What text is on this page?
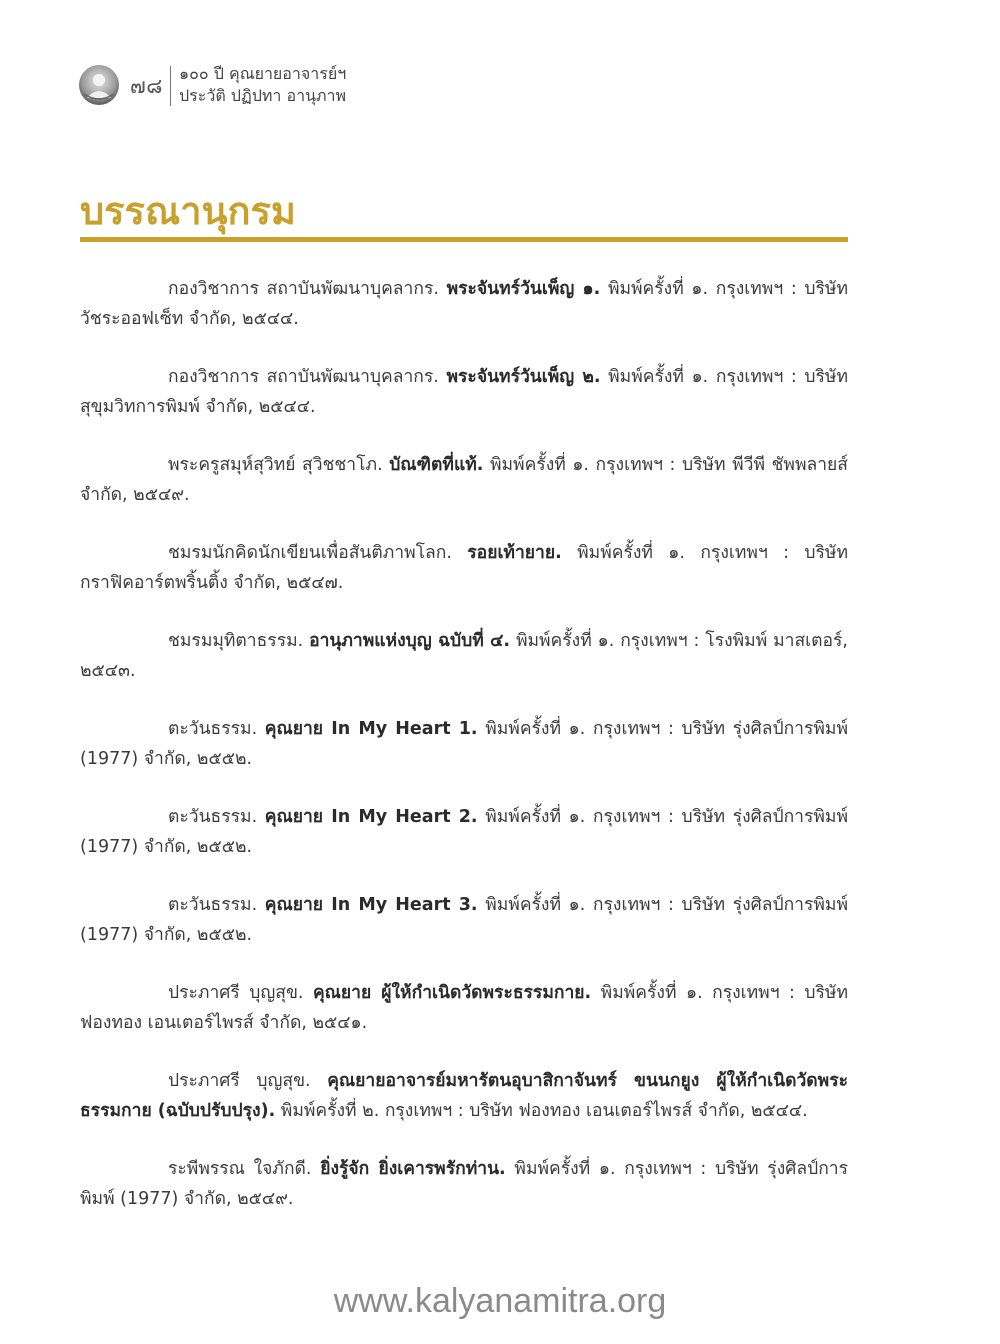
๗๘
๑๐๐ ปี คุณยายอาจารย์ฯ
ประวัติ ปฏิปทา อานุภาพ
บรรณานุกรม

กองวิชาการ สถาบันพัฒนาบุคลากร. พระจันทร์วันเพ็ญ ๑. พิมพ์ครั้งที่ ๑. กรุงเทพฯ : บริษัท วัชระออฟเซ็ท จำกัด, ๒๕๔๔.

กองวิชาการ สถาบันพัฒนาบุคลากร. พระจันทร์วันเพ็ญ ๒. พิมพ์ครั้งที่ ๑. กรุงเทพฯ : บริษัท สุขุมวิทการพิมพ์ จำกัด, ๒๕๔๔.

พระครูสมุห์สุวิทย์ สุวิชชาโภ. บัณฑิตที่แท้. พิมพ์ครั้งที่ ๑. กรุงเทพฯ : บริษัท พีวีพี ชัพพลายส์ จำกัด, ๒๕๔๙.

ชมรมนักคิดนักเขียนเพื่อสันติภาพโลก. รอยเท้ายาย. พิมพ์ครั้งที่ ๑. กรุงเทพฯ : บริษัท กราฟิคอาร์ตพริ้นติ้ง จำกัด, ๒๕๔๗.

ชมรมมุทิตาธรรม. อานุภาพแห่งบุญ ฉบับที่ ๔. พิมพ์ครั้งที่ ๑. กรุงเทพฯ : โรงพิมพ์ มาสเตอร์, ๒๕๔๓.

ตะวันธรรม. คุณยาย In My Heart 1. พิมพ์ครั้งที่ ๑. กรุงเทพฯ : บริษัท รุ่งศิลป์การพิมพ์ (1977) จำกัด, ๒๕๕๒.

ตะวันธรรม. คุณยาย In My Heart 2. พิมพ์ครั้งที่ ๑. กรุงเทพฯ : บริษัท รุ่งศิลป์การพิมพ์ (1977) จำกัด, ๒๕๕๒.

ตะวันธรรม. คุณยาย In My Heart 3. พิมพ์ครั้งที่ ๑. กรุงเทพฯ : บริษัท รุ่งศิลป์การพิมพ์ (1977) จำกัด, ๒๕๕๒.

ประภาศรี บุญสุข. คุณยาย ผู้ให้กำเนิดวัดพระธรรมกาย. พิมพ์ครั้งที่ ๑. กรุงเทพฯ : บริษัท ฟองทอง เอนเตอร์ไพรส์ จำกัด, ๒๕๔๑.

ประภาศรี บุญสุข. คุณยายอาจารย์มหารัตนอุบาสิกาจันทร์ ขนนกยูง ผู้ให้กำเนิดวัดพระธรรมกาย (ฉบับปรับปรุง). พิมพ์ครั้งที่ ๒. กรุงเทพฯ : บริษัท ฟองทอง เอนเตอร์ไพรส์ จำกัด, ๒๕๔๔.

ระพีพรรณ ใจภักดี. ยิ่งรู้จัก ยิ่งเคารพรักท่าน. พิมพ์ครั้งที่ ๑. กรุงเทพฯ : บริษัท รุ่งศิลป์การพิมพ์ (1977) จำกัด, ๒๕๔๙.

www.kalyanamitra.org
